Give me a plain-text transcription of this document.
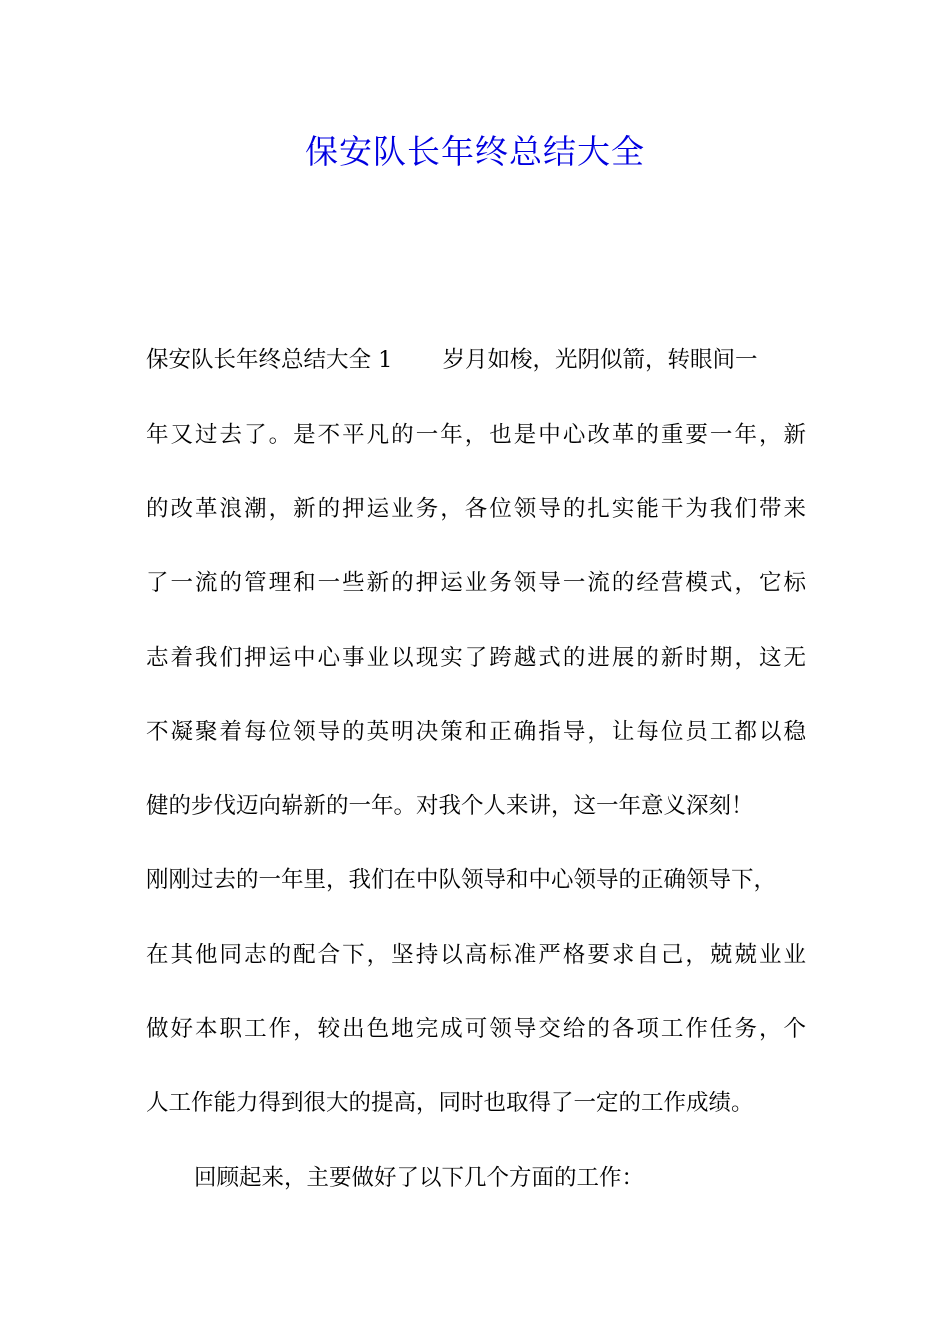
保安队长年终总结大全
保安队长年终总结大全 1 岁月如梭，光阴似箭，转眼间一
年又过去了。是不平凡的一年，也是中心改革的重要一年，新
的改革浪潮，新的押运业务，各位领导的扎实能干为我们带来
了一流的管理和一些新的押运业务领导一流的经营模式，它标
志着我们押运中心事业以现实了跨越式的进展的新时期，这无
不凝聚着每位领导的英明决策和正确指导，让每位员工都以稳
健的步伐迈向崭新的一年。对我个人来讲，这一年意义深刻！
刚刚过去的一年里，我们在中队领导和中心领导的正确领导下，
在其他同志的配合下，坚持以高标准严格要求自己，兢兢业业
做好本职工作，较出色地完成可领导交给的各项工作任务，个
人工作能力得到很大的提高，同时也取得了一定的工作成绩。
回顾起来，主要做好了以下几个方面的工作：
